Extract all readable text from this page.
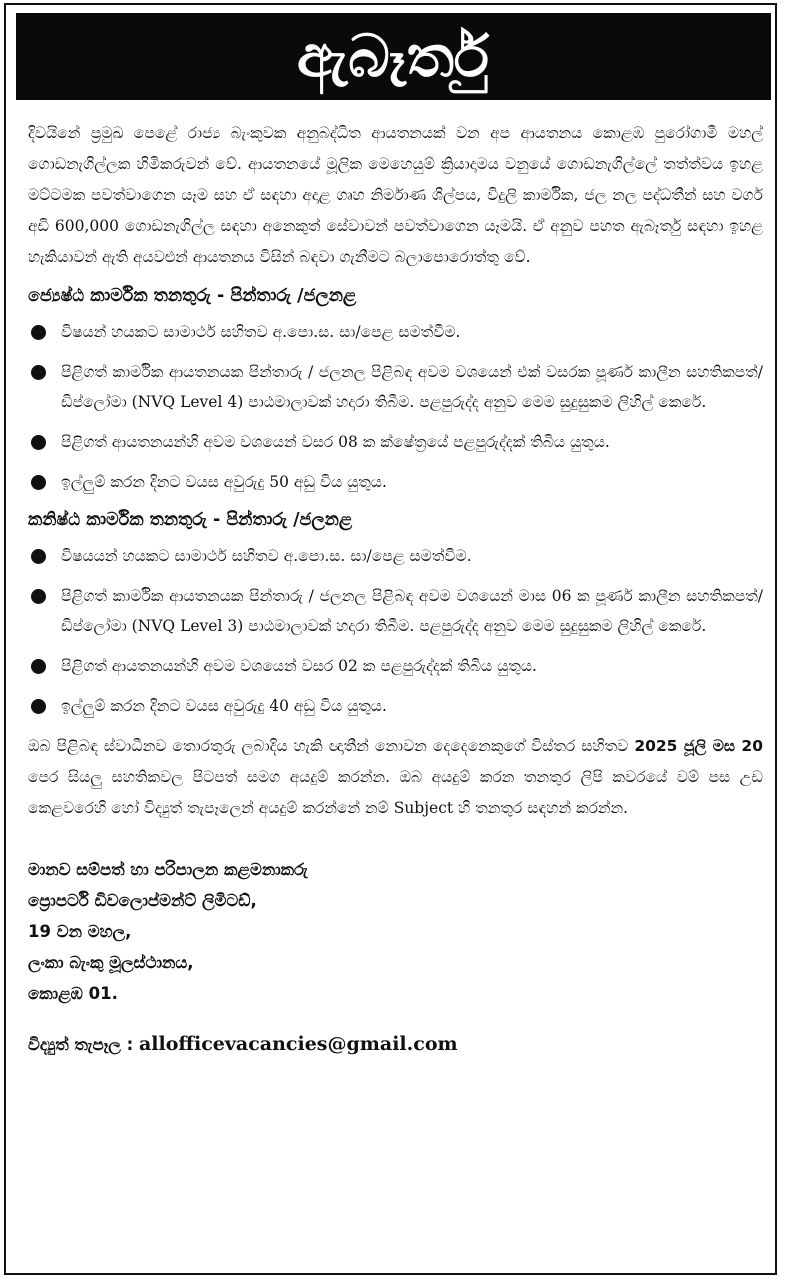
ඇබෑර්තු

දිවයිනේ ප්‍රමුඛ පෙළේ රාජ්‍ය බැංකුවක අනුබද්ධිත ආයතනයක් වන අප ආයතනය කොළඹ පුරෝගාමී මහල් ගොඩනැගිල්ලක හිමිකරුවන් වේ. ආයතනයේ මූලික මෙහෙයුම් ක්‍රියාදාමය වනුයේ ගොඩනැගිල්ලේ තත්ත්වය ඉහළ මට්ටමක පවත්වාගෙන යෑම සහ ඒ සඳහා අදාළ ගෘහ නිර්මාණ ශිල්පය, විදුලි කාර්මික, ජල නල පද්ධතීන් සහ වර්ග අඩි 600,000 ගොඩනැගිල්ල සඳහා අනෙකුත් සේවාවන් පවත්වාගෙන යෑමයි. ඒ අනුව පහත ඇබෑර්තු සඳහා ඉහළ හැකියාවන් ඇති අයවළුන් ආයතනය විසින් බඳවා ගැනීමට බලාපොරොත්තු වේ.

ජ්‍යෙෂ්ඨ කාර්මික තනතුරු - පින්තාරු /ජලනළ
විෂයන් හයකට සාමාර්ථ සහිතව අ.පො.ස. සා/පෙළ සමත්වීම.
පිළිගත් කාර්මික ආයතනයක පින්තාරු / ජලනල පිළිබඳ අවම වශයෙන් එක් වසරක පූර්ණ කාලීන සහතිකපත්/ඩිප්ලෝමා (NVQ Level 4) පාඨමාලාවක් හදාරා තිබීම. පළපුරුද්ද අනුව මෙම සුදුසුකම ලිහිල් කෙරේ.
පිළිගත් ආයතනයන්හි අවම වශයෙන් වසර 08 ක ක්ෂේත්‍රයේ පළපුරුද්දක් තිබිය යුතුය.
ඉල්ලුම් කරන දිනට වයස අවුරුදු 50 අඩු විය යුතුය.
කනිෂ්ඨ කාර්මික තනතුරු - පින්තාරු /ජලනළ
විෂයයන් හයකට සාමාර්ථ සහිතව අ.පො.ස. සා/පෙළ සමත්වීම.
පිළිගත් කාර්මික ආයතනයක පින්තාරු / ජලනල පිළිබඳ අවම වශයෙන් මාස 06 ක පූර්ණ කාලීන සහතිකපත්/ ඩිප්ලෝමා (NVQ Level 3) පාඨමාලාවක් හදාරා තිබීම. පළපුරුද්ද අනුව මෙම සුදුසුකම ලිහිල් කෙරේ.
පිළිගත් ආයතනයන්හි අවම වශයෙන් වසර 02 ක පළපුරුද්දක් තිබිය යුතුය.
ඉල්ලුම් කරන දිනට වයස අවුරුදු 40 අඩු විය යුතුය.

ඔබ පිළිබඳ ස්වාධීනව තොරතුරු ලබාදිය හැකි ඥාතීන් නොවන දෙදෙනෙකුගේ විස්තර සහිතව 2025 ජූලි මස 20 පෙර සියලු සහතිකවල පිටපත් සමග අයදුම් කරන්න. ඔබ අයදුම් කරන තනතුර ලිපි කවරයේ වම් පස උඩ කෙළවරෙහි හෝ විද්‍යුත් තැපෑලෙන් අයදුම් කරන්නේ නම් Subject හි තනතුර සඳහන් කරන්න.

මානව සම්පත් හා පරිපාලන කළමනාකරු
ප්‍රොපර්ටි ඩිවලොප්මන්ට් ලිමිටඩ්,
19 වන මහල,
ලංකා බැංකු මූලස්ථානය,
කොළඹ 01.
විද්‍යුත් තැපෑල : allofficevacancies@gmail.com
